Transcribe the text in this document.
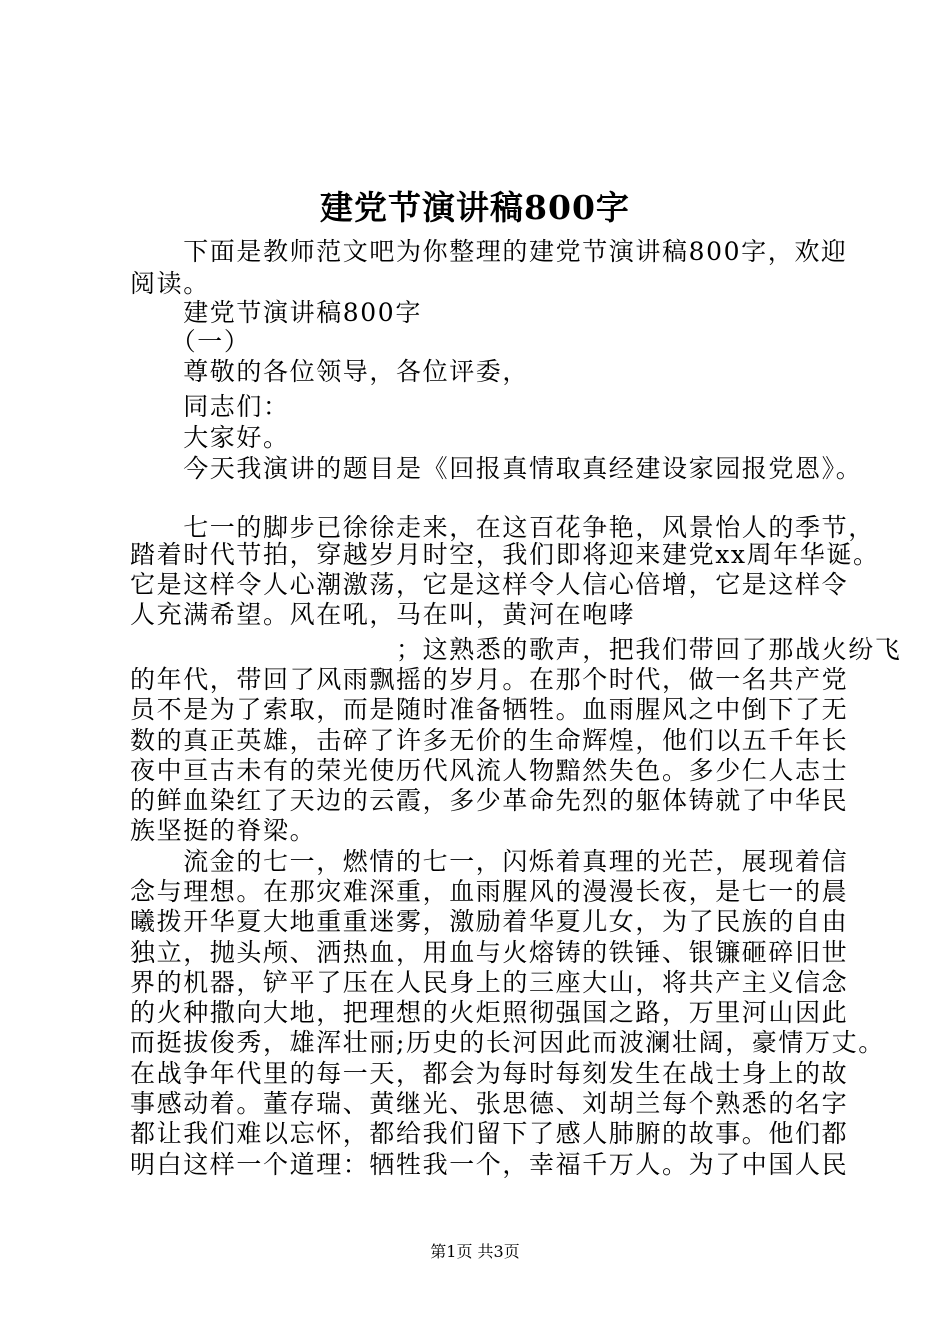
建党节演讲稿800字
　　下面是教师范文吧为你整理的建党节演讲稿800字，欢迎
阅读。
　　建党节演讲稿800字
　　（一）
　　尊敬的各位领导，各位评委，
　　同志们：
　　大家好。
　　今天我演讲的题目是《回报真情取真经建设家园报党恩》。
　　七一的脚步已徐徐走来，在这百花争艳，风景怡人的季节，
踏着时代节拍，穿越岁月时空，我们即将迎来建党xx周年华诞。
它是这样令人心潮激荡，它是这样令人信心倍增，它是这样令
人充满希望。风在吼，马在叫，黄河在咆哮
　　　　　　　　　　；这熟悉的歌声，把我们带回了那战火纷飞
的年代，带回了风雨飘摇的岁月。在那个时代，做一名共产党
员不是为了索取，而是随时准备牺牲。血雨腥风之中倒下了无
数的真正英雄，击碎了许多无价的生命辉煌，他们以五千年长
夜中亘古未有的荣光使历代风流人物黯然失色。多少仁人志士
的鲜血染红了天边的云霞，多少革命先烈的躯体铸就了中华民
族坚挺的脊梁。
　　流金的七一，燃情的七一，闪烁着真理的光芒，展现着信
念与理想。在那灾难深重，血雨腥风的漫漫长夜，是七一的晨
曦拨开华夏大地重重迷雾，激励着华夏儿女，为了民族的自由
独立，抛头颅、洒热血，用血与火熔铸的铁锤、银镰砸碎旧世
界的机器，铲平了压在人民身上的三座大山，将共产主义信念
的火种撒向大地，把理想的火炬照彻强国之路，万里河山因此
而挺拔俊秀，雄浑壮丽;历史的长河因此而波澜壮阔，豪情万丈。
在战争年代里的每一天，都会为每时每刻发生在战士身上的故
事感动着。董存瑞、黄继光、张思德、刘胡兰每个熟悉的名字
都让我们难以忘怀，都给我们留下了感人肺腑的故事。他们都
明白这样一个道理：牺牲我一个，幸福千万人。为了中国人民
第1页 共3页
